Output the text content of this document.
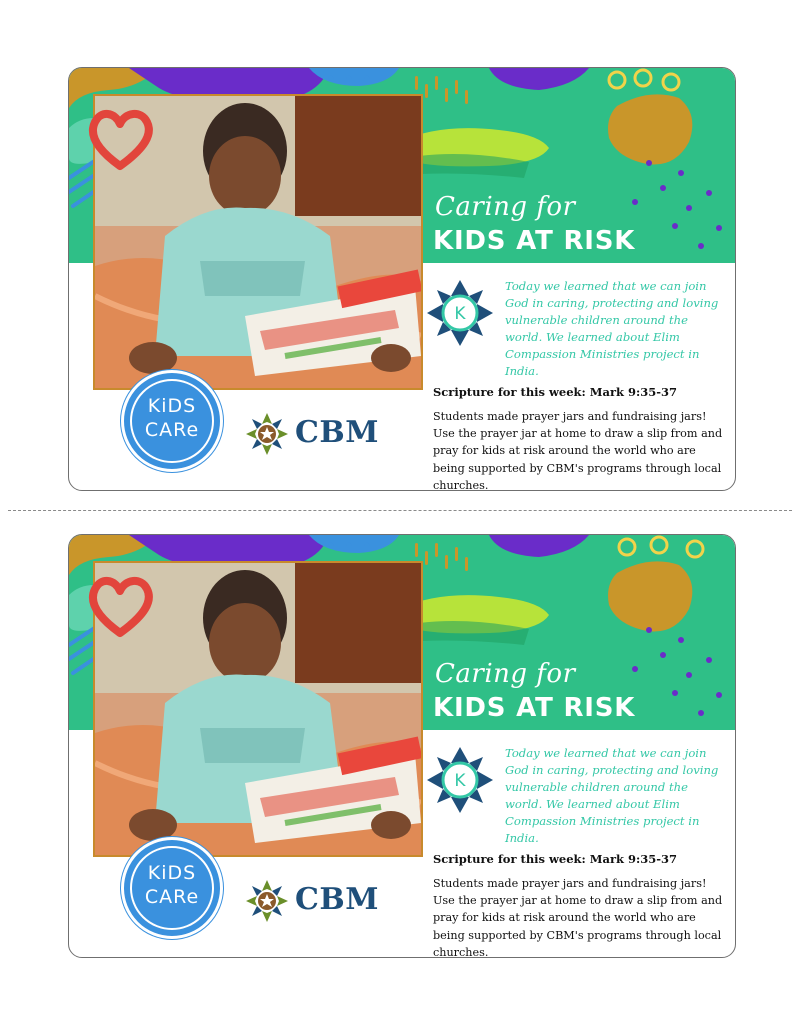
Caring for
KIDS AT RISK
K
Today we learned that we can join God in caring, protecting and loving vulnerable children around the world. We learned about Elim Compassion Ministries project in India.
Scripture for this week: Mark 9:35-37
Students made prayer jars and fundraising jars! Use the prayer jar at home to draw a slip from and pray for kids at risk around the world who are being supported by CBM's programs through local churches.
KiDS
CARe	CBM
Caring for
KIDS AT RISK
K
Today we learned that we can join God in caring, protecting and loving vulnerable children around the world. We learned about Elim Compassion Ministries project in India.
Scripture for this week: Mark 9:35-37
Students made prayer jars and fundraising jars! Use the prayer jar at home to draw a slip from and pray for kids at risk around the world who are being supported by CBM's programs through local churches.
KiDS
CARe	CBM
